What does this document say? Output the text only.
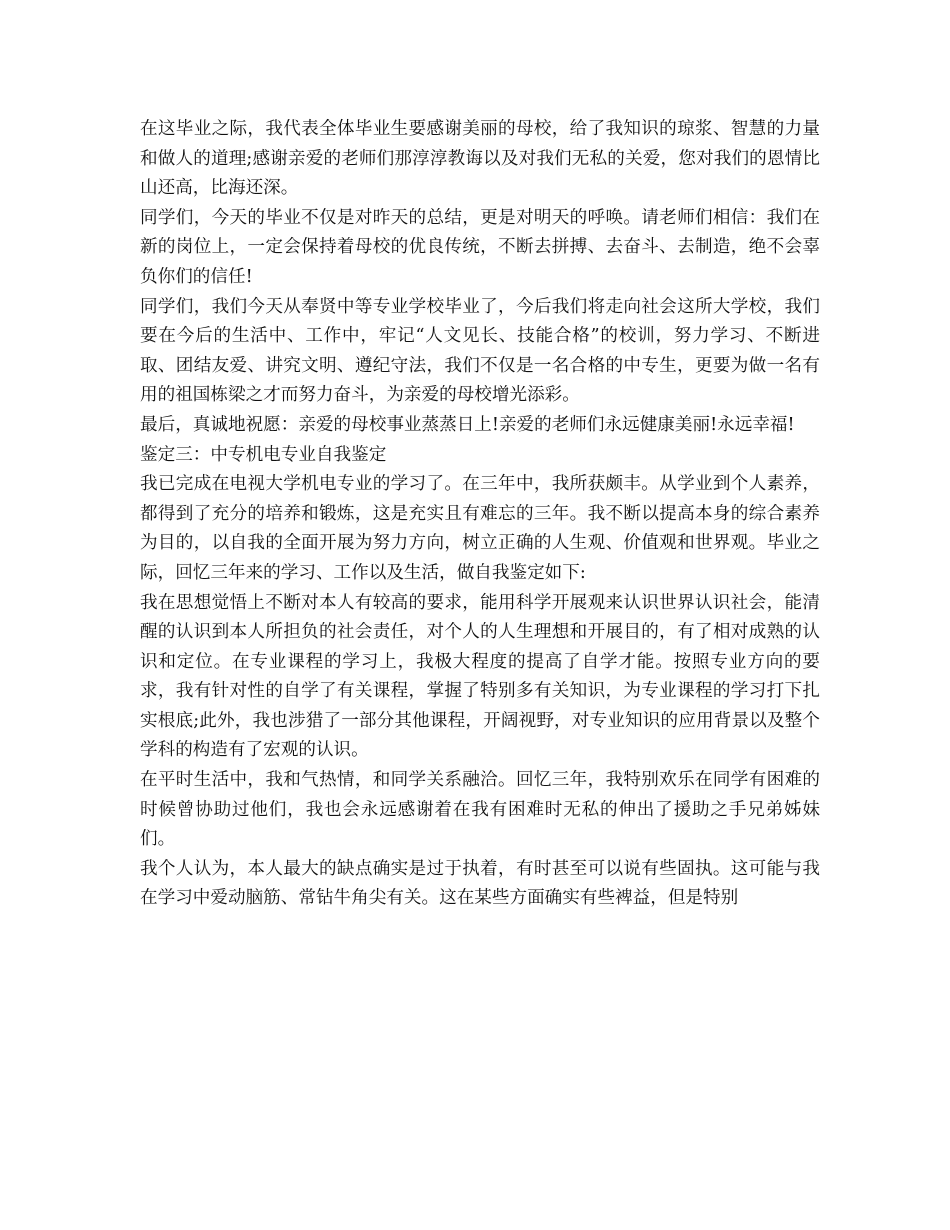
在这毕业之际，我代表全体毕业生要感谢美丽的母校，给了我知识的琼浆、智慧的力量和做人的道理;感谢亲爱的老师们那淳淳教诲以及对我们无私的关爱，您对我们的恩情比山还高，比海还深。

同学们，今天的毕业不仅是对昨天的总结，更是对明天的呼唤。请老师们相信：我们在新的岗位上，一定会保持着母校的优良传统，不断去拼搏、去奋斗、去制造，绝不会辜负你们的信任!

同学们，我们今天从奉贤中等专业学校毕业了，今后我们将走向社会这所大学校，我们要在今后的生活中、工作中，牢记“人文见长、技能合格”的校训，努力学习、不断进取、团结友爱、讲究文明、遵纪守法，我们不仅是一名合格的中专生，更要为做一名有用的祖国栋梁之才而努力奋斗，为亲爱的母校增光添彩。

最后，真诚地祝愿：亲爱的母校事业蒸蒸日上!亲爱的老师们永远健康美丽!永远幸福!

鉴定三：中专机电专业自我鉴定

我已完成在电视大学机电专业的学习了。在三年中，我所获颇丰。从学业到个人素养，都得到了充分的培养和锻炼，这是充实且有难忘的三年。我不断以提高本身的综合素养为目的，以自我的全面开展为努力方向，树立正确的人生观、价值观和世界观。毕业之际，回忆三年来的学习、工作以及生活，做自我鉴定如下:

我在思想觉悟上不断对本人有较高的要求，能用科学开展观来认识世界认识社会，能清醒的认识到本人所担负的社会责任，对个人的人生理想和开展目的，有了相对成熟的认识和定位。在专业课程的学习上，我极大程度的提高了自学才能。按照专业方向的要求，我有针对性的自学了有关课程，掌握了特别多有关知识，为专业课程的学习打下扎实根底;此外，我也涉猎了一部分其他课程，开阔视野，对专业知识的应用背景以及整个学科的构造有了宏观的认识。

在平时生活中，我和气热情，和同学关系融洽。回忆三年，我特别欢乐在同学有困难的时候曾协助过他们，我也会永远感谢着在我有困难时无私的伸出了援助之手兄弟姊妹们。

我个人认为，本人最大的缺点确实是过于执着，有时甚至可以说有些固执。这可能与我在学习中爱动脑筋、常钻牛角尖有关。这在某些方面确实有些裨益，但是特别
